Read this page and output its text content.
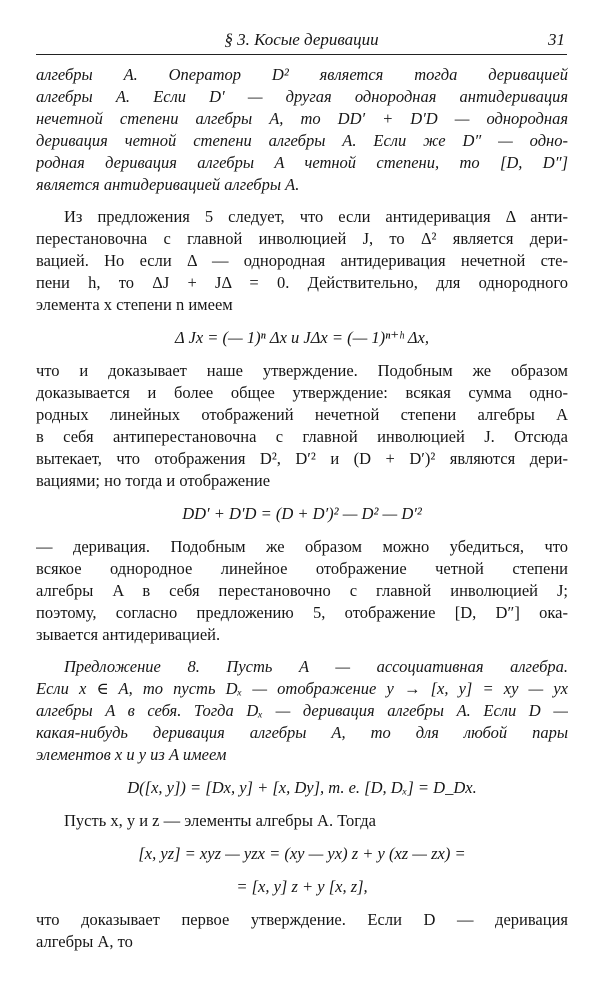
§ 3. Косые деривации	31
алгебры A. Оператор D² является тогда деривацией
алгебры A. Если D′ — другая однородная антидеривация
нечетной степени алгебры A, то DD′ + D′D — однородная
деривация четной степени алгебры A. Если же D″ — одно-
родная деривация алгебры A четной степени, то [D, D″]
является антидеривацией алгебры A.
Из предложения 5 следует, что если антидеривация Δ анти-
перестановочна с главной инволюцией J, то Δ² является дери-
вацией. Но если Δ — однородная антидеривация нечетной сте-
пени h, то ΔJ + JΔ = 0. Действительно, для однородного
элемента x степени n имеем
Δ Jx = (— 1)ⁿ Δx и JΔx = (— 1)ⁿ⁺ʰ Δx,
что и доказывает наше утверждение. Подобным же образом
доказывается и более общее утверждение: всякая сумма одно-
родных линейных отображений нечетной степени алгебры A
в себя антиперестановочна с главной инволюцией J. Отсюда
вытекает, что отображения D², D′² и (D + D′)² являются дери-
вациями; но тогда и отображение
DD′ + D′D = (D + D′)² — D² — D′²
— деривация. Подобным же образом можно убедиться, что
всякое однородное линейное отображение четной степени
алгебры A в себя перестановочно с главной инволюцией J;
поэтому, согласно предложению 5, отображение [D, D″] ока-
зывается антидеривацией.
Предложение 8. Пусть A — ассоциативная алгебра.
Если x ∈ A, то пусть Dₓ — отображение y → [x, y] = xy — yx
алгебры A в себя. Тогда Dₓ — деривация алгебры A. Если D —
какая-нибудь деривация алгебры A, то для любой пары
элементов x и y из A имеем
D([x, y]) = [Dx, y] + [x, Dy], т. е. [D, Dₓ] = D_Dx.
Пусть x, y и z — элементы алгебры A. Тогда
[x, yz] = xyz — yzx = (xy — yx) z + y (xz — zx) =
= [x, y] z + y [x, z],
что доказывает первое утверждение. Если D — деривация
алгебры A, то
